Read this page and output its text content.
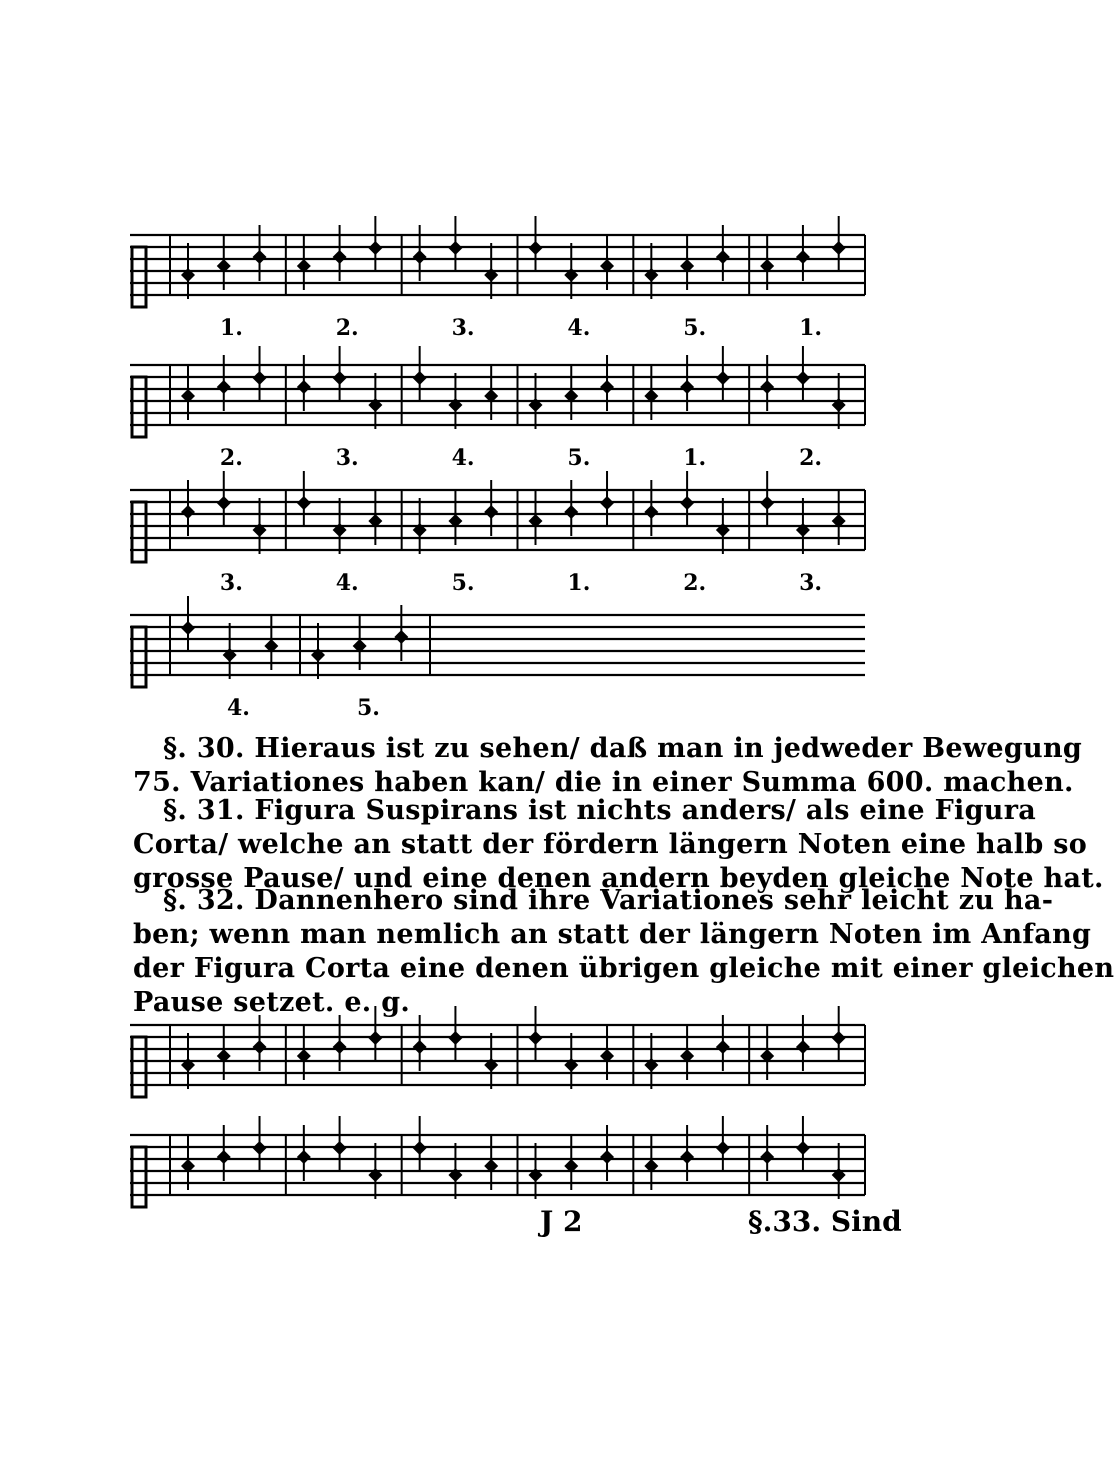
1.	2.	3.	4.	5.	1.
2.	3.	4.	5.	1.	2.
3.	4.	5.	1.	2.	3.
4.	5.
§. 30. Hieraus ist zu sehen/ daß man in jedweder Bewegung
75. Variationes haben kan/ die in einer Summa 600. machen.
§. 31. Figura Suspirans ist nichts anders/ als eine Figura
Corta/ welche an statt der fördern längern Noten eine halb so
grosse Pause/ und eine denen andern beyden gleiche Note hat.
§. 32. Dannenhero sind ihre Variationes sehr leicht zu ha-
ben; wenn man nemlich an statt der längern Noten im Anfang
der Figura Corta eine denen übrigen gleiche mit einer gleichen
Pause setzet. e. g.
J 2	§.33. Sind
